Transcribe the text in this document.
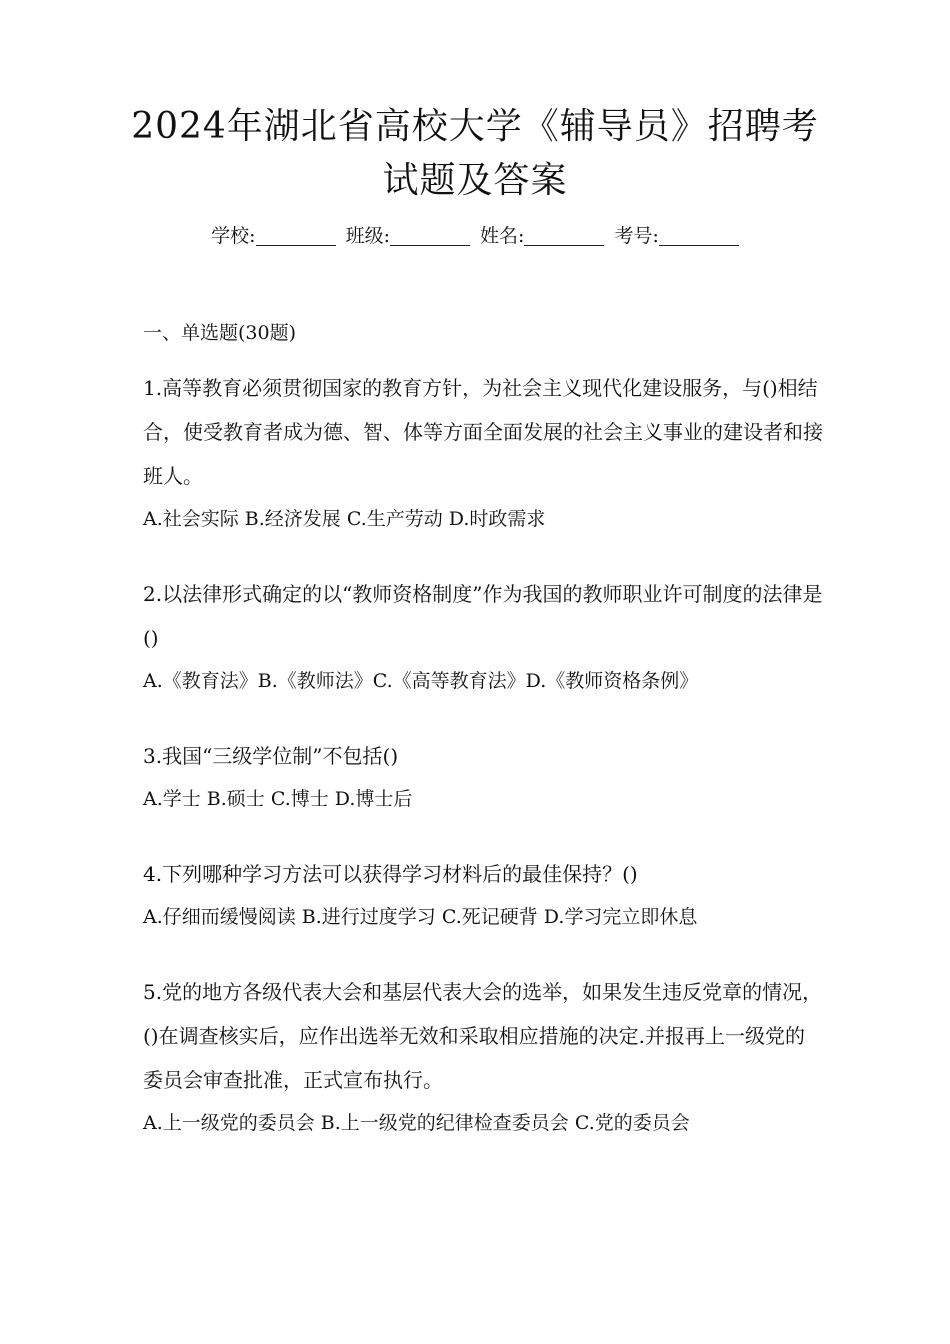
2024年湖北省高校大学《辅导员》招聘考试题及答案
学校:	班级:	姓名:	考号:
一、单选题(30题)

1.高等教育必须贯彻国家的教育方针，为社会主义现代化建设服务，与()相结合，使受教育者成为德、智、体等方面全面发展的社会主义事业的建设者和接班人。

A.社会实际 B.经济发展 C.生产劳动 D.时政需求

2.以法律形式确定的以“教师资格制度”作为我国的教师职业许可制度的法律是()

A.《教育法》B.《教师法》C.《高等教育法》D.《教师资格条例》

3.我国“三级学位制”不包括()

A.学士 B.硕士 C.博士 D.博士后

4.下列哪种学习方法可以获得学习材料后的最佳保持？()

A.仔细而缓慢阅读 B.进行过度学习 C.死记硬背 D.学习完立即休息

5.党的地方各级代表大会和基层代表大会的选举，如果发生违反党章的情况，()在调查核实后，应作出选举无效和采取相应措施的决定.并报再上一级党的委员会审查批准，正式宣布执行。

A.上一级党的委员会 B.上一级党的纪律检查委员会 C.党的委员会
